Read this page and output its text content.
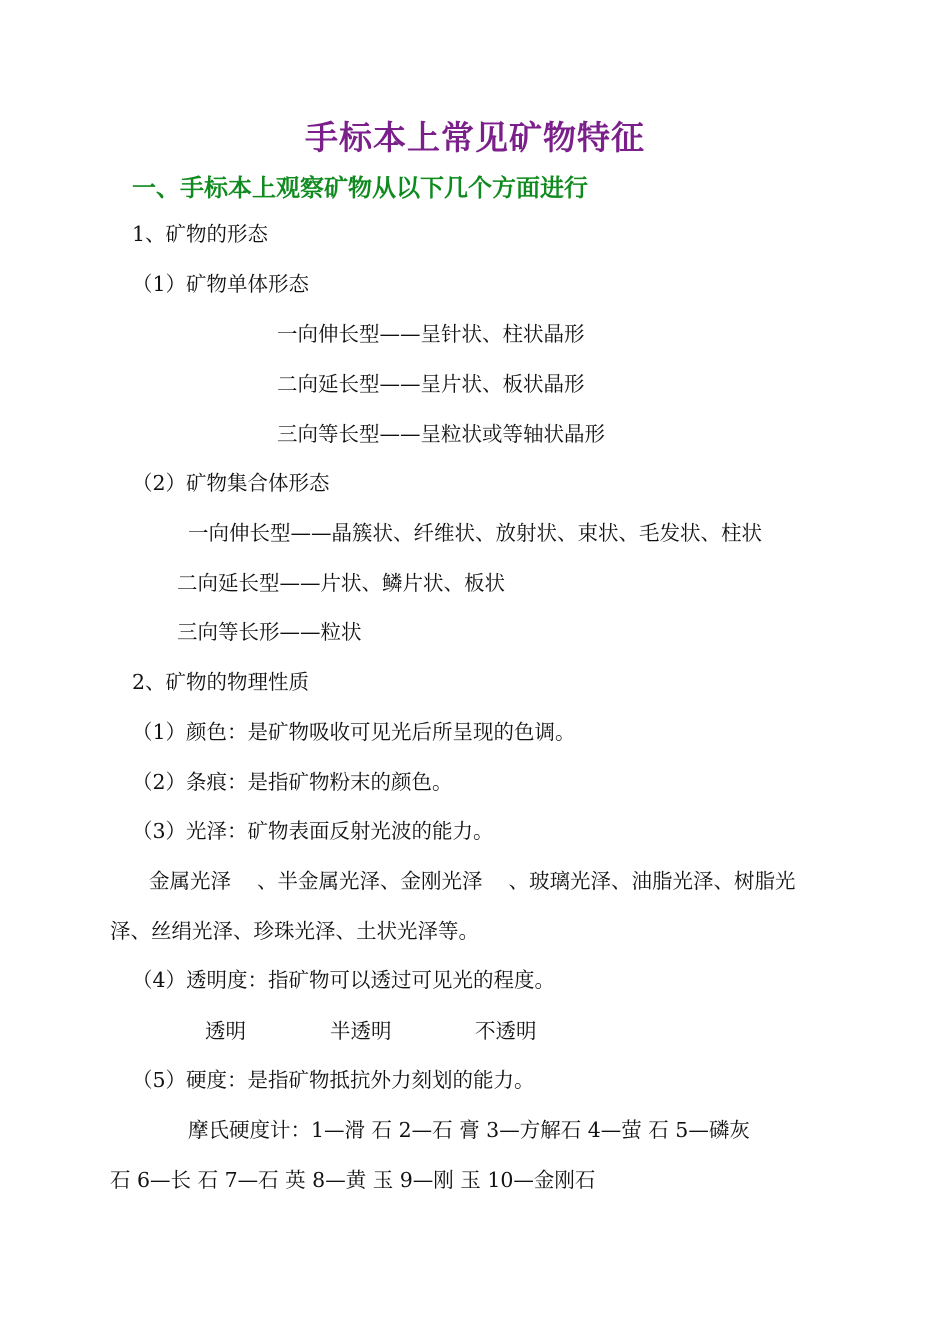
手标本上常见矿物特征
一、手标本上观察矿物从以下几个方面进行
1、矿物的形态
（1）矿物单体形态
一向伸长型——呈针状、柱状晶形
二向延长型——呈片状、板状晶形
三向等长型——呈粒状或等轴状晶形
（2）矿物集合体形态
一向伸长型——晶簇状、纤维状、放射状、束状、毛发状、柱状
二向延长型——片状、鳞片状、板状
三向等长形——粒状
2、矿物的物理性质
（1）颜色：是矿物吸收可见光后所呈现的色调。
（2）条痕：是指矿物粉末的颜色。
（3）光泽：矿物表面反射光波的能力。
金属光泽 、半金属光泽、金刚光泽 、玻璃光泽、油脂光泽、树脂光
泽、丝绢光泽、珍珠光泽、土状光泽等。
（4）透明度：指矿物可以透过可见光的程度。
透明	半透明	不透明
（5）硬度：是指矿物抵抗外力刻划的能力。
摩氏硬度计：1—滑 石 2—石 膏 3—方解石 4—萤 石 5—磷灰
石 6—长 石 7—石 英 8—黄 玉 9—刚 玉 10—金刚石
